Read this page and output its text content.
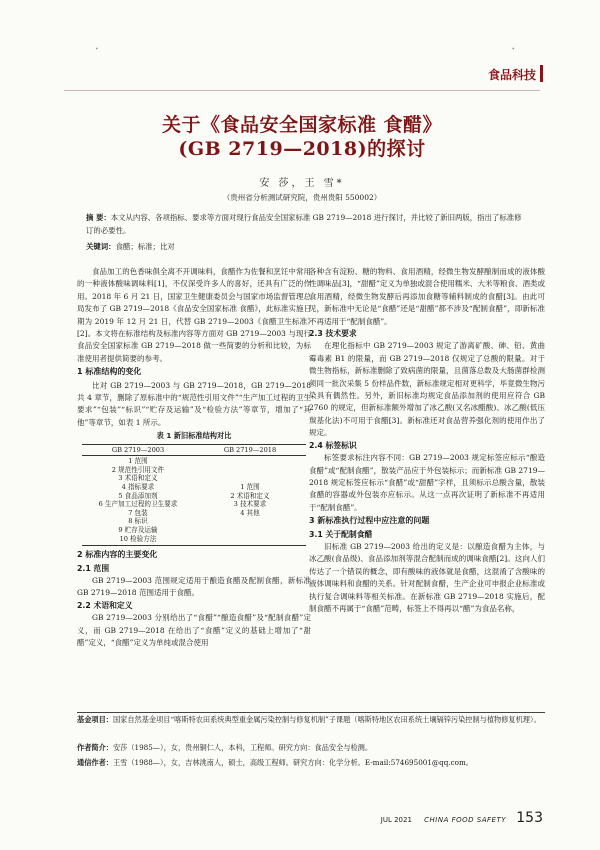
•	•
食品科技
关于《食品安全国家标准 食醋》
(GB 2719—2018)的探讨
安 莎，王 雪*
（贵州省分析测试研究院，贵州贵阳 550002）
摘 要：本文从内容、各项指标、要求等方面对现行食品安全国家标准 GB 2719—2018 进行探讨，并比较了新旧两版，指出了标准修订的必要性。
关键词：食醋；标准；比对

食品加工的色香味俱全离不开调味料，食醋作为佐餐和烹饪中常用的一种液体酸味调味料[1]，不仅深受许多人的喜好，还具有广泛的作用。2018 年 6 月 21 日，国家卫生健康委员会与国家市场监督管理总局发布了 GB 2719—2018《食品安全国家标准 食醋》，此标准实施日期为 2019 年 12 月 21 日，代替 GB 2719—2003《食醋卫生标准》[2]。本文将在标准结构及标准内容等方面对 GB 2719—2003 与现行食品安全国家标准 GB 2719—2018 做一些简要的分析和比较，为标准使用者提供简要的参考。

1 标准结构的变化

比对 GB 2719—2003 与 GB 2719—2018，GB 2719—2018 共 4 章节，删除了原标准中的“规范性引用文件”“生产加工过程的卫生要求”“包装”“标识”“贮存及运输”及“检验方法”等章节，增加了“其他”等章节，如表 1 所示。

表 1 新旧标准结构对比
GB 2719—2003	GB 2719—2018
1 范围
2 规范性引用文件
3 术语和定义
4 指标要求
5 食品添加剂
6 生产加工过程的卫生要求
7 包装
8 标识
9 贮存及运输
10 检验方法

1 范围
2 术语和定义
3 技术要求
4 其他
2 标准内容的主要变化
2.1 范围

GB 2719—2003 范围规定适用于酿造食醋及配制食醋，新标准 GB 2719—2018 范围适用于食醋。

2.2 术语和定义

GB 2719—2003 分别给出了“食醋”“酿造食醋”及“配制食醋”定义，而 GB 2719—2018 在给出了“食醋”定义的基础上增加了“甜醋”定义，“食醋”定义为单纯或混合使用

各种含有淀粉、糖的物料、食用酒精，经微生物发酵酿制而成的液体酸性调味品[3]，“甜醋”定义为单独或混合使用糯米、大米等粮食、酒类或食用酒精，经微生物发酵后再添加食糖等辅料制成的食醋[3]。由此可见，新标准中无论是“食醋”还是“甜醋”都不涉及“配制食醋”，即新标准不再适用于“配制食醋”。

2.3 技术要求

在理化指标中 GB 2719—2003 规定了游离矿酸、砷、铅、黄曲霉毒素 B1 的限量，而 GB 2719—2018 仅规定了总酸的限量。对于微生物指标，新标准删除了致病菌的限量，且菌落总数及大肠菌群检测须同一批次采集 5 份样品件数，新标准规定相对更科学，毕竟微生物污染具有偶然性。另外，新旧标准均规定食品添加剂的使用应符合 GB 2760 的规定，但新标准额外增加了冰乙酸(又名冰醋酸)、冰乙酸(低压羰基化法)不可用于食醋[3]。新标准还对食品营养强化剂的使用作出了规定。

2.4 标签标识

标签要求标注内容不同：GB 2719—2003 规定标签应标示“酿造食醋”或“配制食醋”，散装产品应于外包装标示；而新标准 GB 2719—2018 规定标签应标示“食醋”或“甜醋”字样，且须标示总酸含量，散装食醋的容器或外包装亦应标示。从这一点再次证明了新标准不再适用于“配制食醋”。

3 新标准执行过程中应注意的问题
3.1 关于配制食醋

旧标准 GB 2719—2003 给出的定义是：以酿造食醋为主体，与冰乙酸(食品级)、食品添加剂等混合配制而成的调味食醋[2]。这向人们传达了一个错误的概念，即有酸味的液体就是食醋，这混淆了含酸味的液体调味料和食醋的关系。针对配制食醋，生产企业可申报企业标准或执行复合调味料等相关标准。在新标准 GB 2719—2018 实施后，配制食醋不再属于“食醋”范畴，标签上不得再以“醋”为食品名称，

基金项目：国家自然基金项目“喀斯特农田系统典型重金属污染控制与修复机制”子课题（喀斯特地区农田系统土壤镉锌污染控制与植物修复机理）。
作者简介：安莎（1985—），女，贵州铜仁人，本科，工程师。研究方向：食品安全与检测。
通信作者：王雪（1988—），女，吉林洮南人，硕士，高级工程师。研究方向：化学分析。E-mail:574695001@qq.com。
JUL 2021 CHINA FOOD SAFETY 153
